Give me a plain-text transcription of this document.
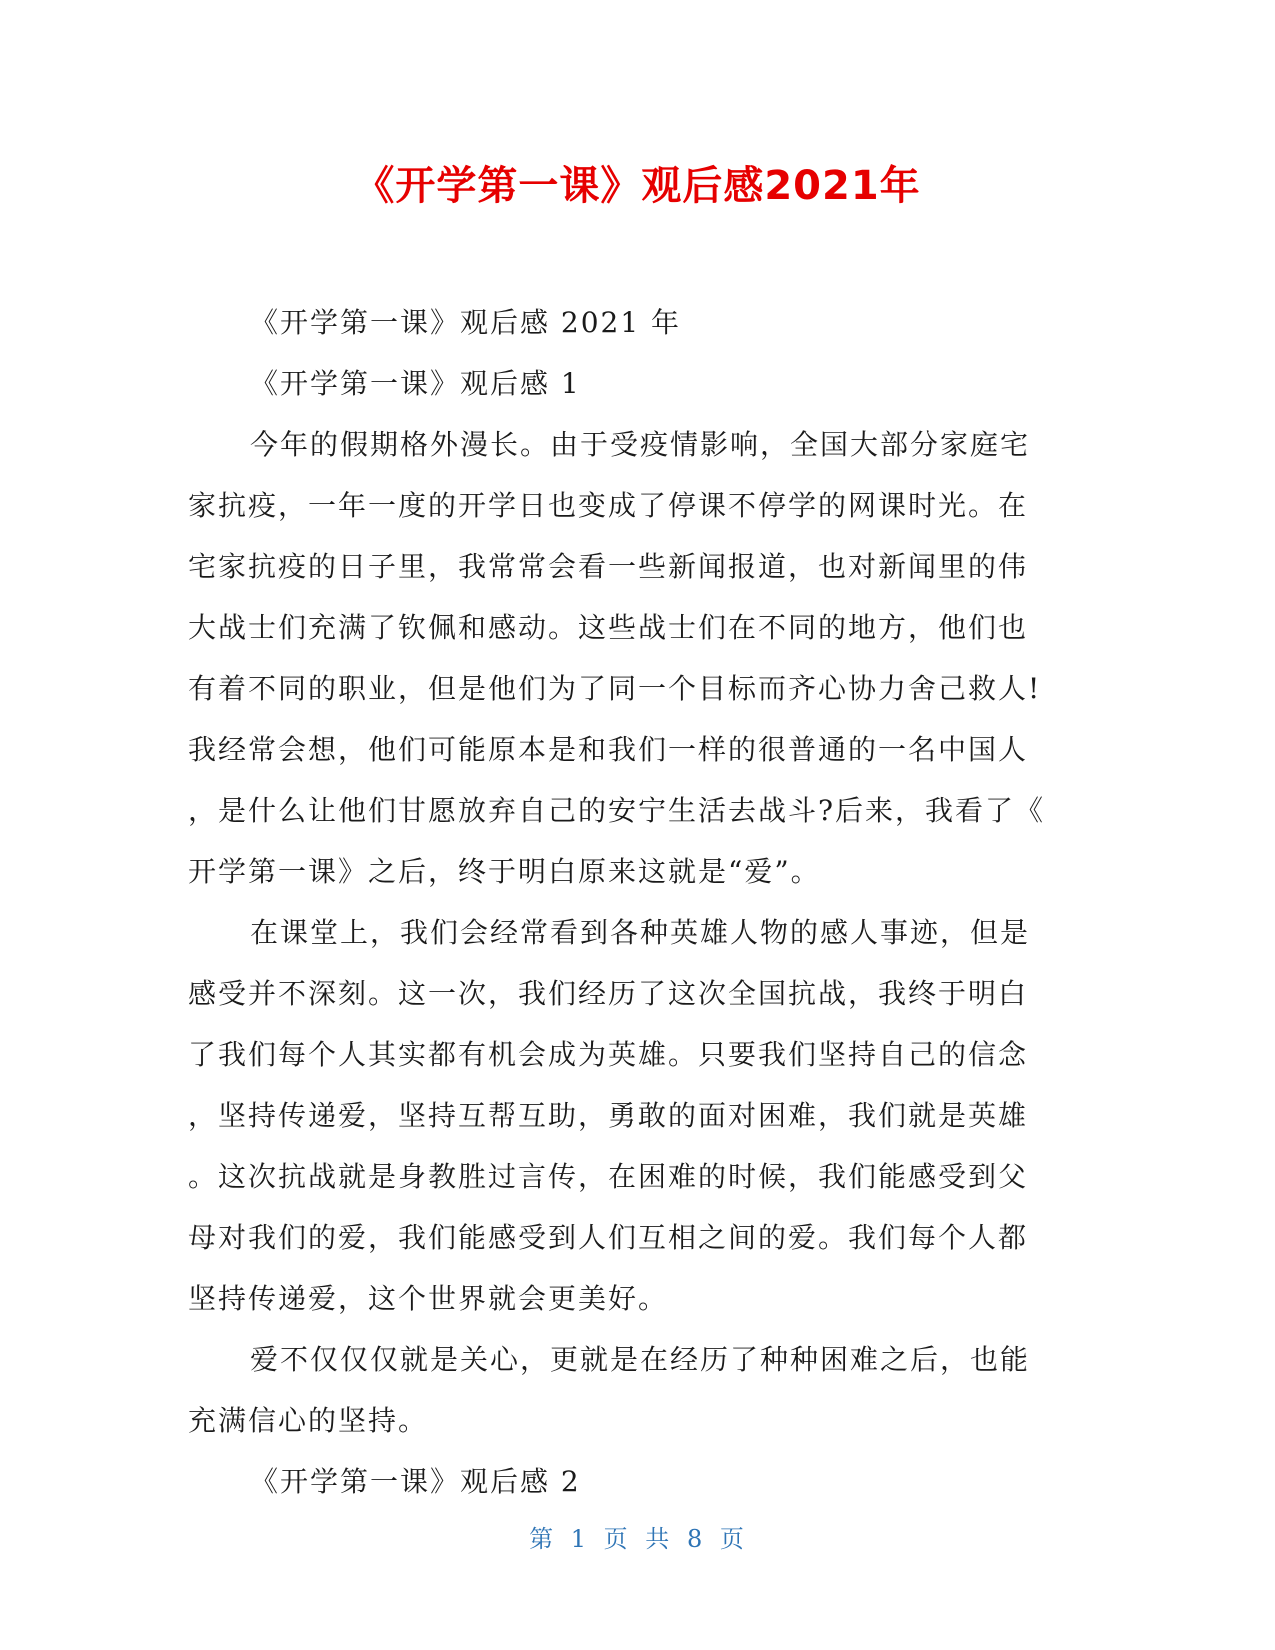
《开学第一课》观后感2021年
《开学第一课》观后感 2021 年
《开学第一课》观后感 1
今年的假期格外漫长。由于受疫情影响，全国大部分家庭宅
家抗疫，一年一度的开学日也变成了停课不停学的网课时光。在
宅家抗疫的日子里，我常常会看一些新闻报道，也对新闻里的伟
大战士们充满了钦佩和感动。这些战士们在不同的地方，他们也
有着不同的职业，但是他们为了同一个目标而齐心协力舍己救人!
我经常会想，他们可能原本是和我们一样的很普通的一名中国人
，是什么让他们甘愿放弃自己的安宁生活去战斗?后来，我看了《
开学第一课》之后，终于明白原来这就是“爱”。
在课堂上，我们会经常看到各种英雄人物的感人事迹，但是
感受并不深刻。这一次，我们经历了这次全国抗战，我终于明白
了我们每个人其实都有机会成为英雄。只要我们坚持自己的信念
，坚持传递爱，坚持互帮互助，勇敢的面对困难，我们就是英雄
。这次抗战就是身教胜过言传，在困难的时候，我们能感受到父
母对我们的爱，我们能感受到人们互相之间的爱。我们每个人都
坚持传递爱，这个世界就会更美好。
爱不仅仅仅就是关心，更就是在经历了种种困难之后，也能
充满信心的坚持。
《开学第一课》观后感 2
第 1 页 共 8 页
